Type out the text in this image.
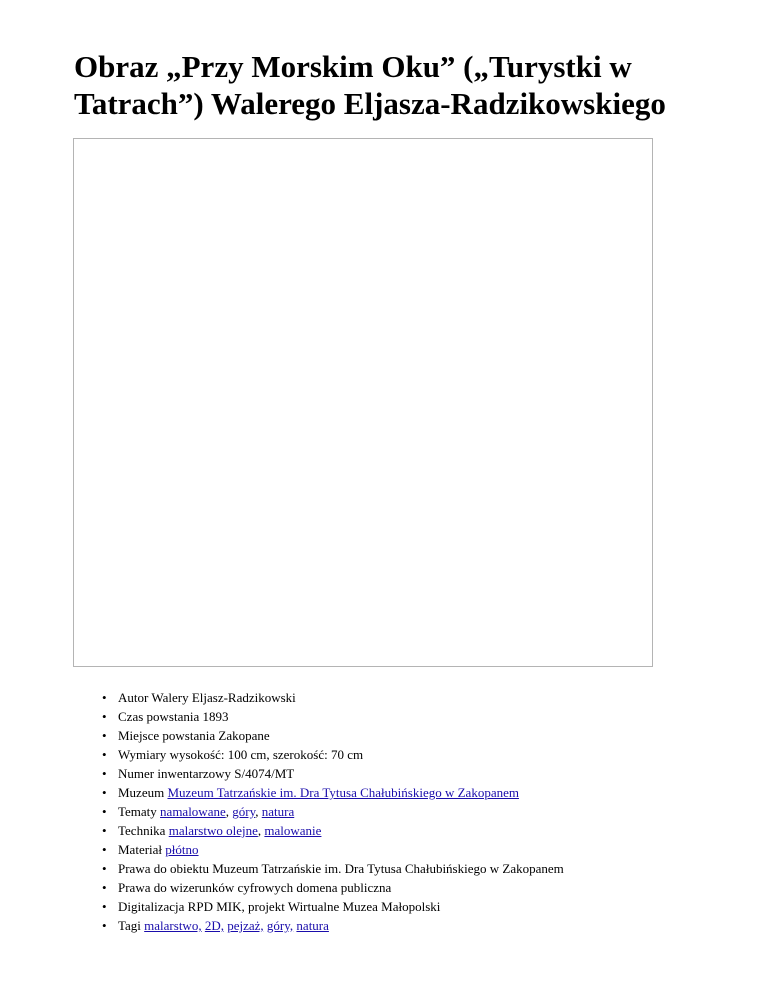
Obraz „Przy Morskim Oku” („Turystki w Tatrach”) Walerego Eljasza-Radzikowskiego
• Autor Walery Eljasz-Radzikowski
• Czas powstania 1893
• Miejsce powstania Zakopane
• Wymiary wysokość: 100 cm, szerokość: 70 cm
• Numer inwentarzowy S/4074/MT
• Muzeum Muzeum Tatrzańskie im. Dra Tytusa Chałubińskiego w Zakopanem
• Tematy namalowane, góry, natura
• Technika malarstwo olejne, malowanie
• Materiał płótno
• Prawa do obiektu Muzeum Tatrzańskie im. Dra Tytusa Chałubińskiego w Zakopanem
• Prawa do wizerunków cyfrowych domena publiczna
• Digitalizacja RPD MIK, projekt Wirtualne Muzea Małopolski
• Tagi malarstwo, 2D, pejzaż, góry, natura
